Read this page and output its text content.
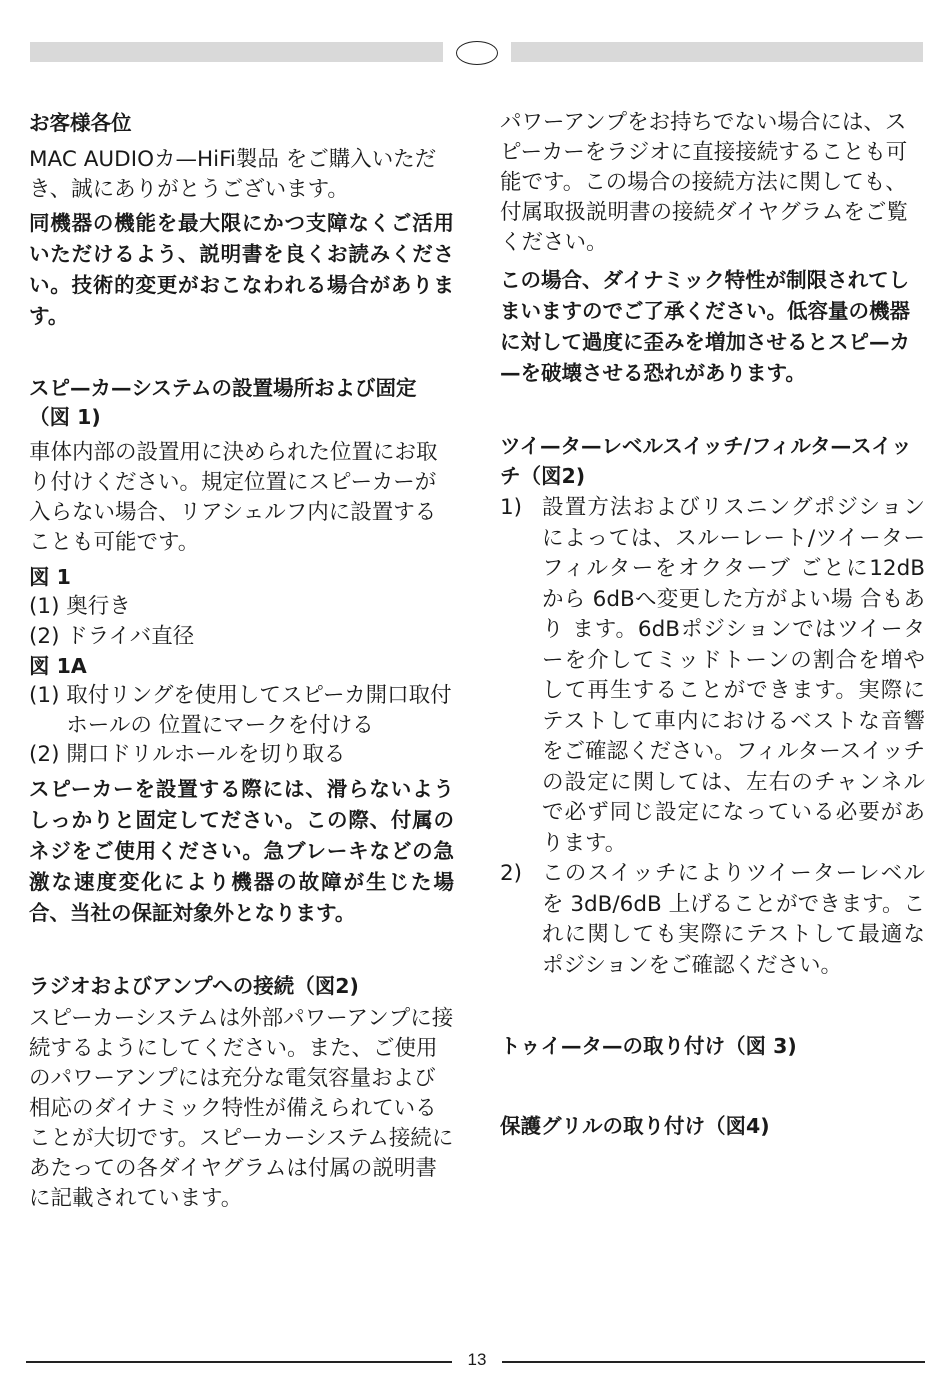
お客様各位

MAC AUDIOカ—HiFi製品 をご購入いただき、誠にありがとうございます。

同機器の機能を最大限にかつ支障なくご活用いただけるよう、説明書を良くお読みください。技術的変更がおこなわれる場合があります。

スピ—カ—システムの設置場所および固定（図 1)

車体内部の設置用に決められた位置にお取り付けください。規定位置にスピーカーが入らない場合、リアシェルフ内に設置することも可能です。

図 1

(1) 奥行き
(2) ドライバ直径

図 1A

(1) 取付リングを使用してスピーカ開口取付ホールの 位置にマークを付ける
(2) 開口ドリルホールを切り取る

スピーカーを設置する際には、滑らないようしっかりと固定してださい。この際、付属のネジをご使用ください。急ブレーキなどの急激な速度変化により機器の故障が生じた場合、当社の保証対象外となります。

ラジオおよびアンプへの接続（図2)

スピーカーシステムは外部パワーアンプに接続するようにしてください。また、ご使用のパワーアンプには充分な電気容量および相応のダイナミック特性が備えられていることが大切です。スピーカーシステム接続にあたっての各ダイヤグラムは付属の説明書に記載されています。

パワーアンプをお持ちでない場合には、スピーカーをラジオに直接接続することも可能です。この場合の接続方法に関しても、付属取扱説明書の接続ダイヤグラムをご覧ください。

この場合、ダイナミック特性が制限されてしまいますのでご了承ください。低容量の機器に対して過度に歪みを増加させるとスピ—カ—を破壊させる恐れがあります。

ツイ—タ—レベルスイッチ/フィルタ—スイッチ（図2)

1) 設置方法およびリスニングポジションによっては、スルーレート/ツイーターフィルターをオクターブ ごとに12dB から 6dBへ変更した方がよい場 合もあり ます。6dBポジションではツイーターを介してミッドトーンの割合を増やして再生することができます。実際にテストして車内におけるベストな音響をご確認ください。フィルタースイッチの設定に関しては、左右のチャンネルで必ず同じ設定になっている必要があります。
2) このスイッチによりツイーターレベルを 3dB/6dB 上げることができます。これに関しても実際にテストして最適なポジションをご確認ください。

トゥイ—タ—の取り付け（図 3)

保護グリルの取り付け（図4)

13
